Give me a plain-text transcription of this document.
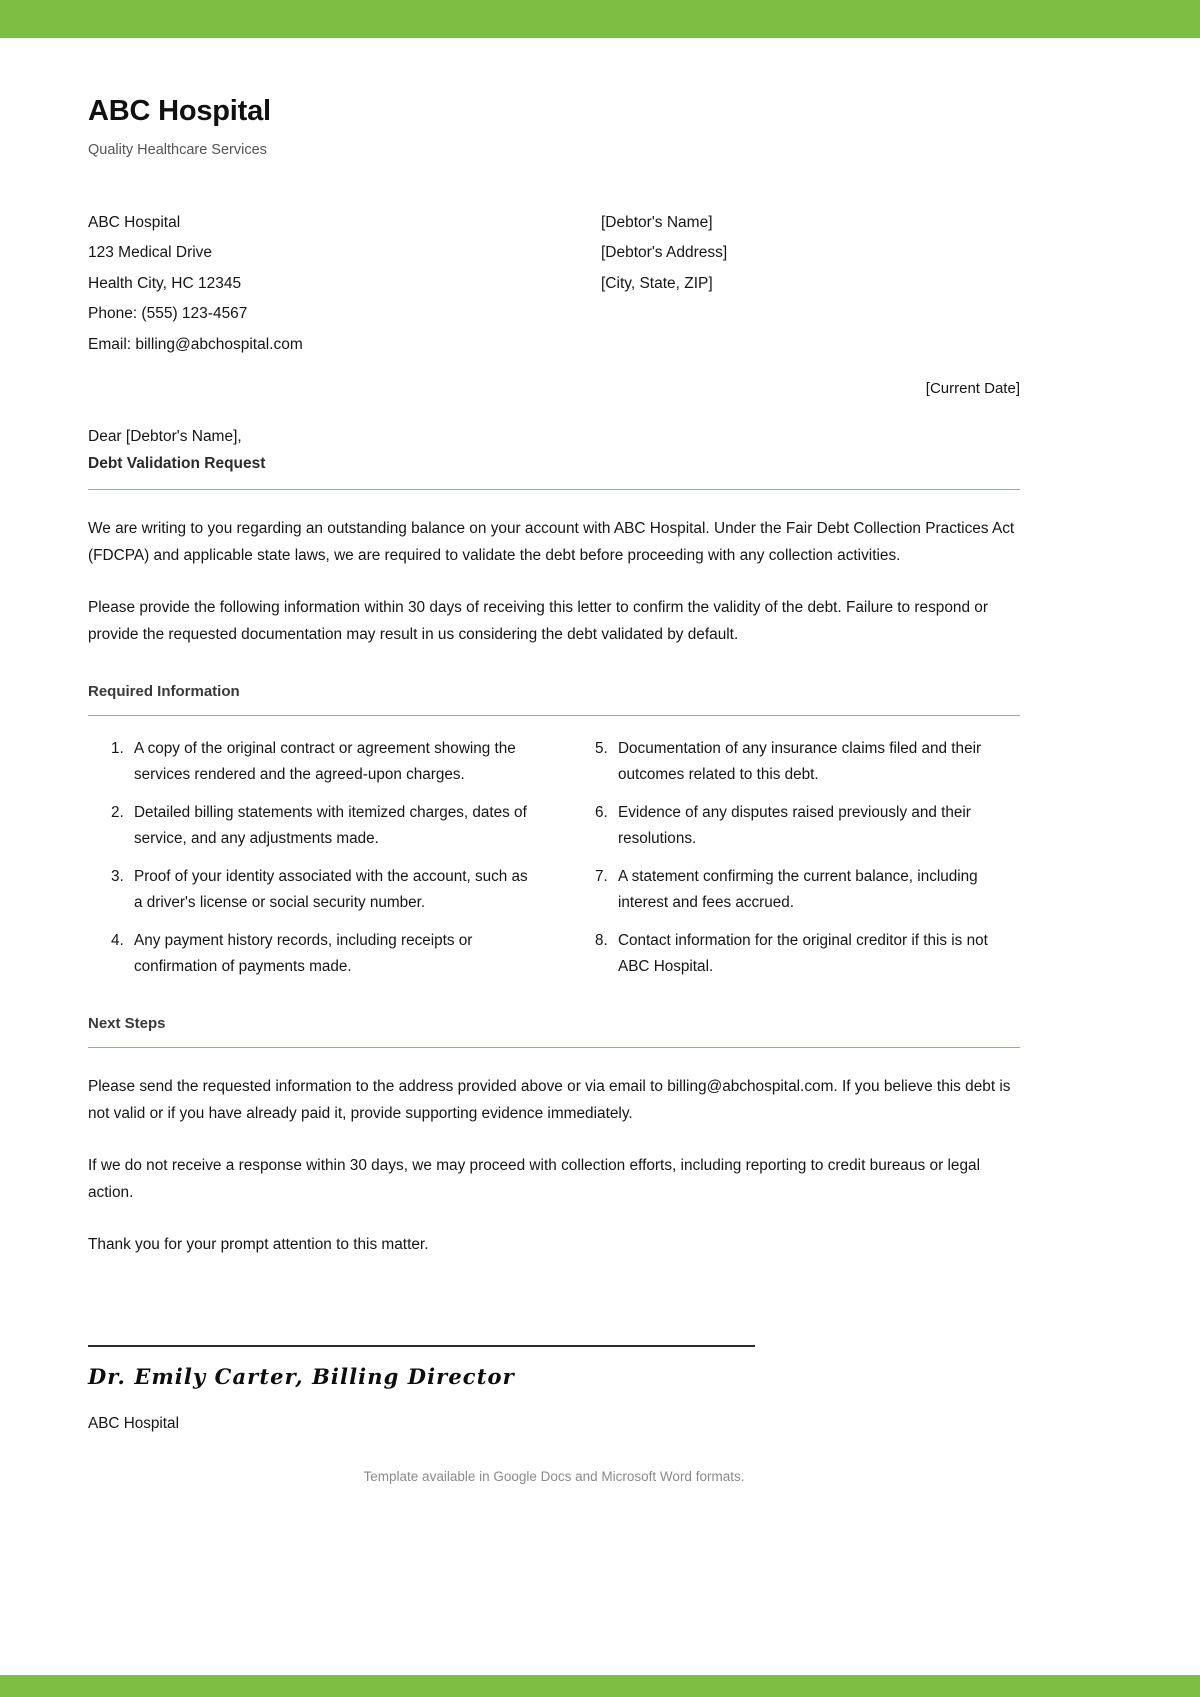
ABC Hospital
Quality Healthcare Services
ABC Hospital
123 Medical Drive
Health City, HC 12345
Phone: (555) 123-4567
Email: billing@abchospital.com
[Debtor's Name]
[Debtor's Address]
[City, State, ZIP]
[Current Date]
Dear [Debtor's Name],
Debt Validation Request

We are writing to you regarding an outstanding balance on your account with ABC Hospital. Under the Fair Debt Collection Practices Act (FDCPA) and applicable state laws, we are required to validate the debt before proceeding with any collection activities.

Please provide the following information within 30 days of receiving this letter to confirm the validity of the debt. Failure to respond or provide the requested documentation may result in us considering the debt validated by default.

Required Information
1. A copy of the original contract or agreement showing the services rendered and the agreed-upon charges.
2. Detailed billing statements with itemized charges, dates of service, and any adjustments made.
3. Proof of your identity associated with the account, such as a driver's license or social security number.
4. Any payment history records, including receipts or confirmation of payments made.
5. Documentation of any insurance claims filed and their outcomes related to this debt.
6. Evidence of any disputes raised previously and their resolutions.
7. A statement confirming the current balance, including interest and fees accrued.
8. Contact information for the original creditor if this is not ABC Hospital.
Next Steps

Please send the requested information to the address provided above or via email to billing@abchospital.com. If you believe this debt is not valid or if you have already paid it, provide supporting evidence immediately.

If we do not receive a response within 30 days, we may proceed with collection efforts, including reporting to credit bureaus or legal action.

Thank you for your prompt attention to this matter.

Dr. Emily Carter, Billing Director
ABC Hospital
Template available in Google Docs and Microsoft Word formats.
